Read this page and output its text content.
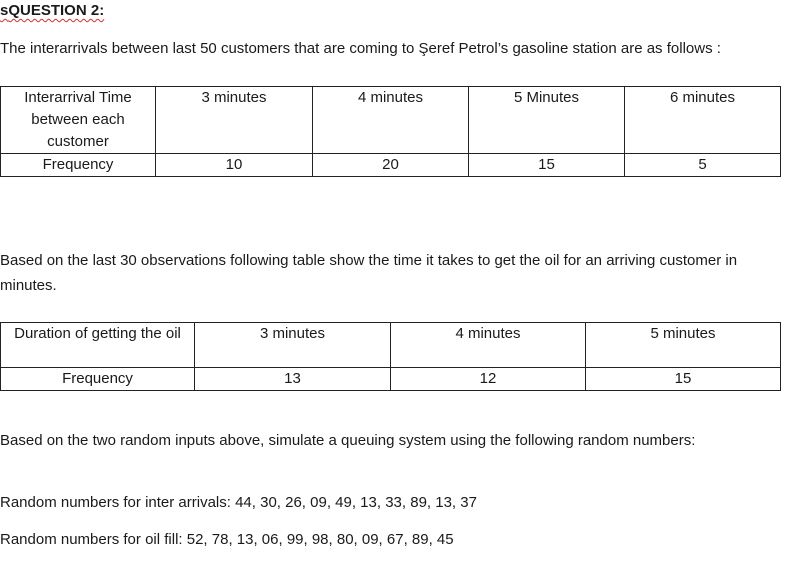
sQUESTION 2:
The interarrivals between last 50 customers that are coming to Şeref Petrol’s gasoline station are as follows :
Interarrival Time between each customer	3 minutes	4 minutes	5 Minutes	6 minutes

Frequency	10	20	15	5
Based on the last 30 observations following table show the time it takes to get the oil for an arriving customer in minutes.
Duration of getting the oil	3 minutes	4 minutes	5 minutes

Frequency	13	12	15
Based on the two random inputs above, simulate a queuing system using the following random numbers:
Random numbers for inter arrivals: 44, 30, 26, 09, 49, 13, 33, 89, 13, 37
Random numbers for oil fill: 52, 78, 13, 06, 99, 98, 80, 09, 67, 89, 45
